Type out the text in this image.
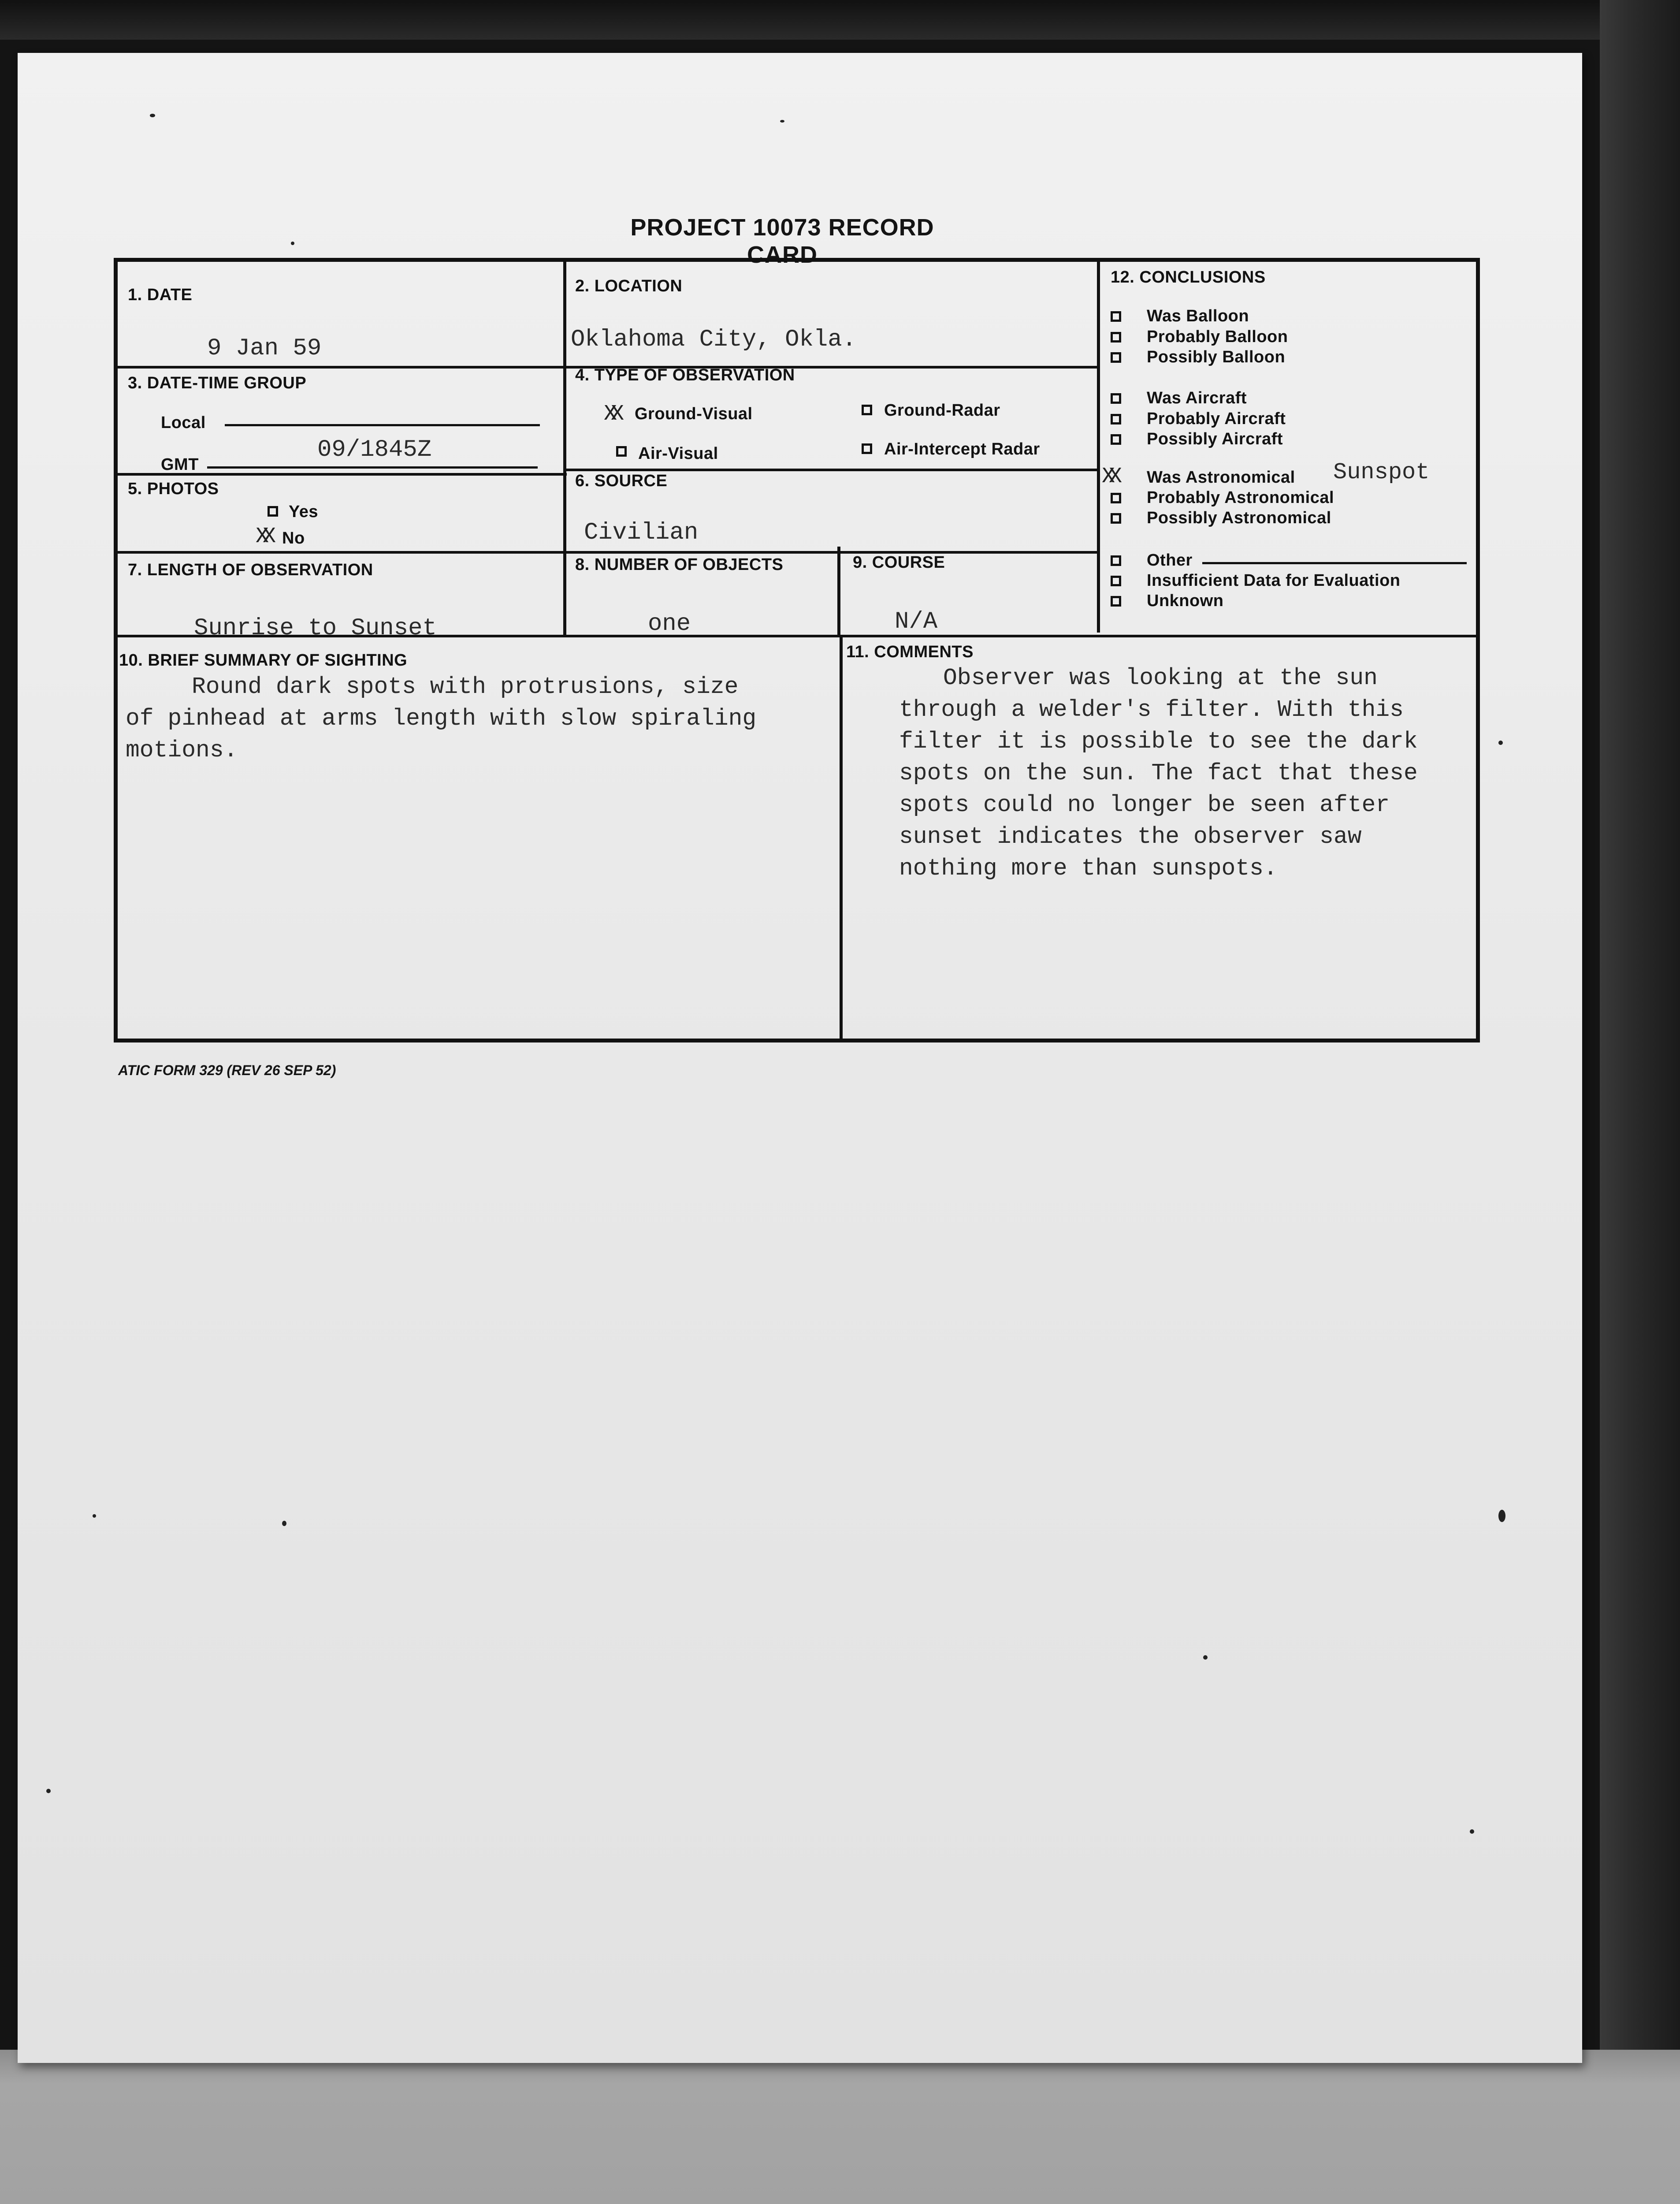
PROJECT 10073 RECORD CARD
1. DATE
9 Jan 59
2. LOCATION
Oklahoma City, Okla.
3. DATE-TIME GROUP
Local
GMT
09/1845Z
4. TYPE OF OBSERVATION
XX Ground-Visual	Ground-Radar
Air-Visual	Air-Intercept Radar
5. PHOTOS
Yes
XX No
6. SOURCE
Civilian
7. LENGTH OF OBSERVATION
Sunrise to Sunset
8. NUMBER OF OBJECTS
one
9. COURSE
N/A
10. BRIEF SUMMARY OF SIGHTING
Round dark spots with protrusions, size
of pinhead at arms length with slow spiraling
motions.
11. COMMENTS
Observer was looking at the sun
through a welder's filter. With this
filter it is possible to see the dark
spots on the sun. The fact that these
spots could no longer be seen after
sunset indicates the observer saw
nothing more than sunspots.
12. CONCLUSIONS
Was Balloon
Probably Balloon
Possibly Balloon
Was Aircraft
Probably Aircraft
Possibly Aircraft
XX Was Astronomical Sunspot
Probably Astronomical
Possibly Astronomical
Other
Insufficient Data for Evaluation
Unknown
ATIC FORM 329 (REV 26 SEP 52)
